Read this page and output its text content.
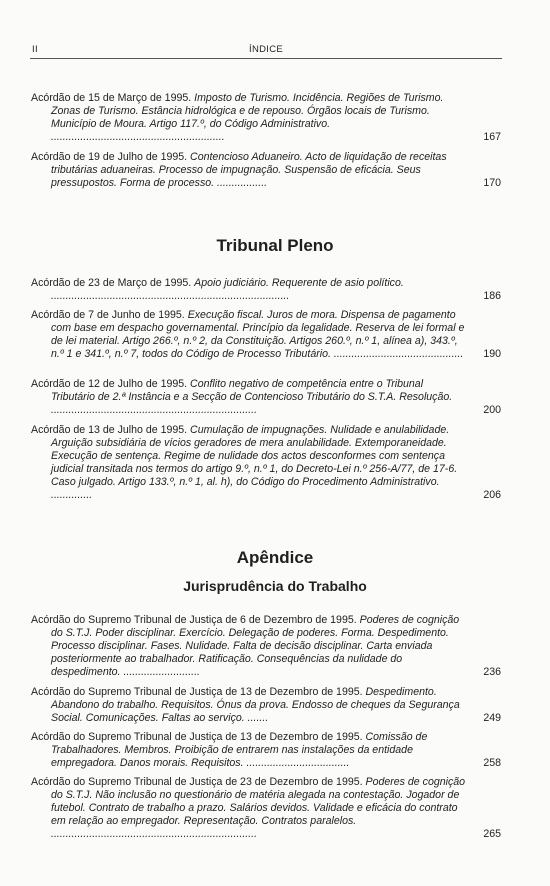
II	ÍNDICE
Acórdão de 15 de Março de 1995. Imposto de Turismo. Incidência. Regiões de Turismo. Zonas de Turismo. Estância hidrológica e de repouso. Órgãos locais de Turismo. Município de Moura. Artigo 117.º, do Código Administrativo. ...........................................................	167
Acórdão de 19 de Julho de 1995. Contencioso Aduaneiro. Acto de liquidação de receitas tributárias aduaneiras. Processo de impugnação. Suspensão de eficácia. Seus pressupostos. Forma de processo. .................	170
Tribunal Pleno
Acórdão de 23 de Março de 1995. Apoio judiciário. Requerente de asio político. .................................................................................	186
Acórdão de 7 de Junho de 1995. Execução fiscal. Juros de mora. Dispensa de pagamento com base em despacho governamental. Princípio da legalidade. Reserva de lei formal e de lei material. Artigo 266.º, n.º 2, da Constituição. Artigos 260.º, n.º 1, alínea a), 343.º, n.º 1 e 341.º, n.º 7, todos do Código de Processo Tributário. ............................................	190
Acórdão de 12 de Julho de 1995. Conflito negativo de competência entre o Tribunal Tributário de 2.ª Instância e a Secção de Contencioso Tributário do S.T.A. Resolução. ......................................................................	200
Acórdão de 13 de Julho de 1995. Cumulação de impugnações. Nulidade e anulabilidade. Arguição subsidiária de vícios geradores de mera anulabilidade. Extemporaneidade. Execução de sentença. Regime de nulidade dos actos desconformes com sentença judicial transitada nos termos do artigo 9.º, n.º 1, do Decreto-Lei n.º 256-A/77, de 17-6. Caso julgado. Artigo 133.º, n.º 1, al. h), do Código do Procedimento Administrativo. ..............	206
Apêndice
Jurisprudência do Trabalho
Acórdão do Supremo Tribunal de Justiça de 6 de Dezembro de 1995. Poderes de cognição do S.T.J. Poder disciplinar. Exercício. Delegação de poderes. Forma. Despedimento. Processo disciplinar. Fases. Nulidade. Falta de decisão disciplinar. Carta enviada posteriormente ao trabalhador. Ratificação. Consequências da nulidade do despedimento. ..........................	236
Acórdão do Supremo Tribunal de Justiça de 13 de Dezembro de 1995. Despedimento. Abandono do trabalho. Requisitos. Ónus da prova. Endosso de cheques da Segurança Social. Comunicações. Faltas ao serviço. .......	249
Acórdão do Supremo Tribunal de Justiça de 13 de Dezembro de 1995. Comissão de Trabalhadores. Membros. Proibição de entrarem nas instalações da entidade empregadora. Danos morais. Requisitos. ...................................	258
Acórdão do Supremo Tribunal de Justiça de 23 de Dezembro de 1995. Poderes de cognição do S.T.J. Não inclusão no questionário de matéria alegada na contestação. Jogador de futebol. Contrato de trabalho a prazo. Salários devidos. Validade e eficácia do contrato em relação ao empregador. Representação. Contratos paralelos. ......................................................................	265
